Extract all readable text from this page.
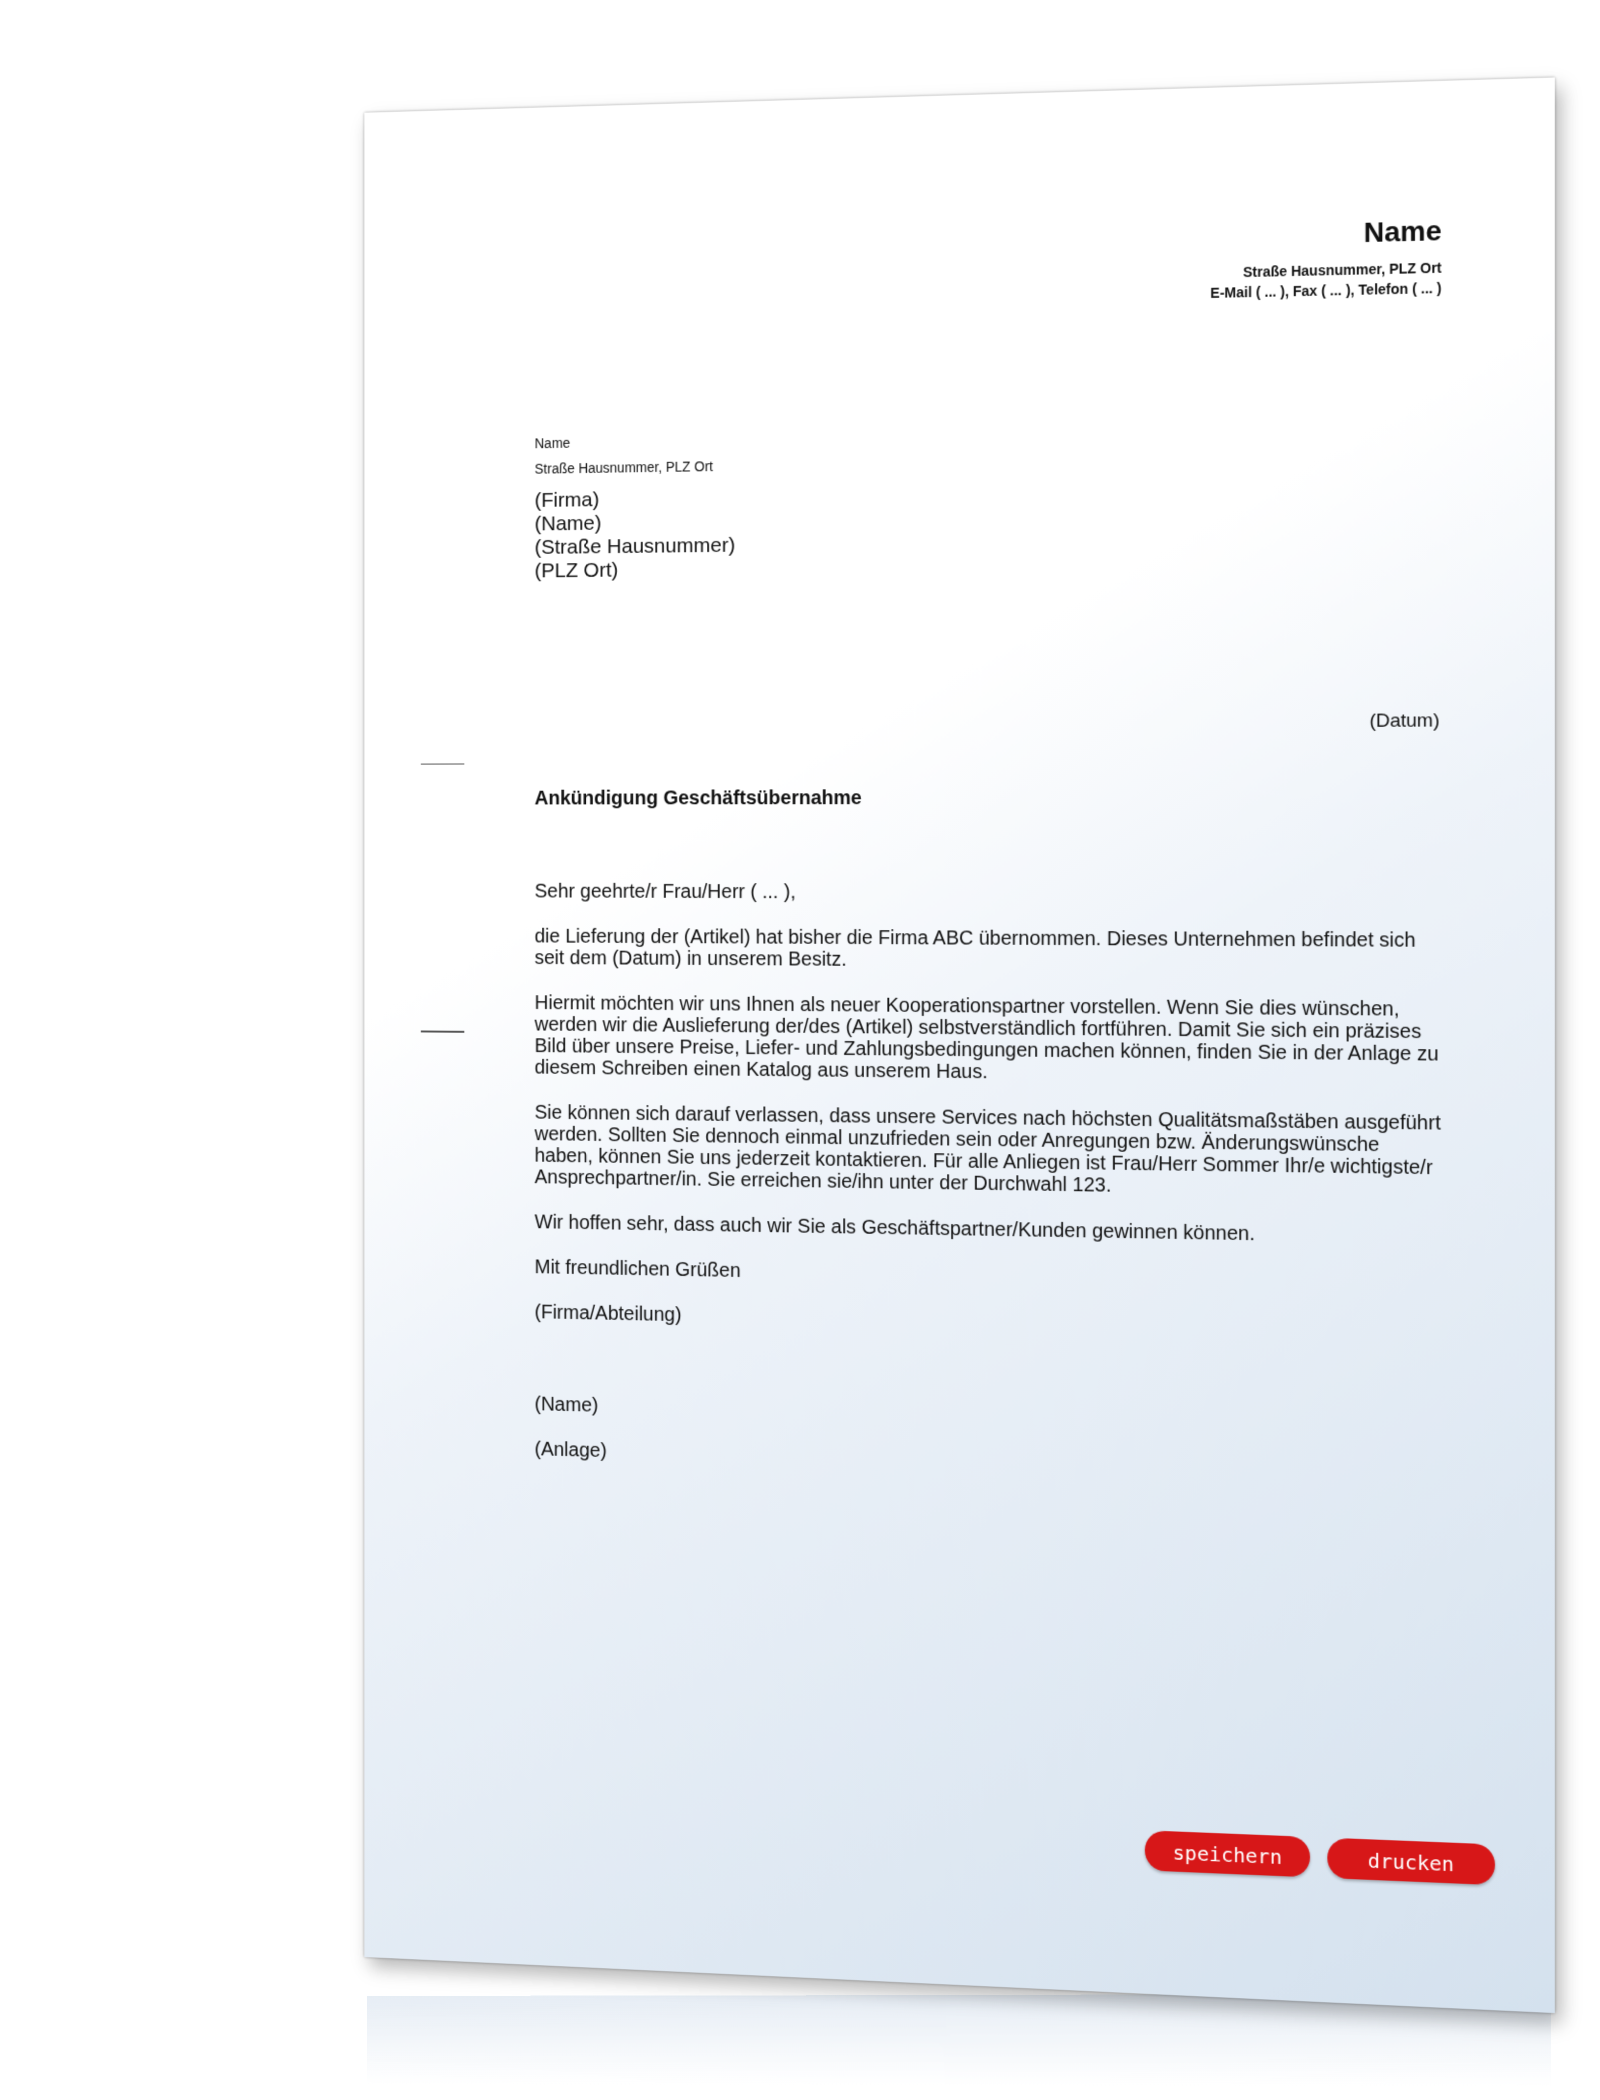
Name
Straße Hausnummer, PLZ Ort
E-Mail ( ... ), Fax ( ... ), Telefon ( ... )
Name
Straße Hausnummer, PLZ Ort
(Firma)
(Name)
(Straße Hausnummer)
(PLZ Ort)
(Datum)
Ankündigung Geschäftsübernahme

Sehr geehrte/r Frau/Herr ( ... ),

die Lieferung der (Artikel) hat bisher die Firma ABC übernommen. Dieses Unternehmen befindet sich seit dem (Datum) in unserem Besitz.

Hiermit möchten wir uns Ihnen als neuer Kooperationspartner vorstellen. Wenn Sie dies wünschen, werden wir die Auslieferung der/des (Artikel) selbstverständlich fortführen. Damit Sie sich ein präzises Bild über unsere Preise, Liefer- und Zahlungsbedingungen machen können, finden Sie in der Anlage zu diesem Schreiben einen Katalog aus unserem Haus.

Sie können sich darauf verlassen, dass unsere Services nach höchsten Qualitätsmaßstäben ausgeführt werden. Sollten Sie dennoch einmal unzufrieden sein oder Anregungen bzw. Änderungswünsche haben, können Sie uns jederzeit kontaktieren. Für alle Anliegen ist Frau/Herr Sommer Ihr/e wichtigste/r Ansprechpartner/in. Sie erreichen sie/ihn unter der Durchwahl 123.

Wir hoffen sehr, dass auch wir Sie als Geschäftspartner/Kunden gewinnen können.

Mit freundlichen Grüßen

(Firma/Abteilung)

(Name)

(Anlage)

speichern	drucken
